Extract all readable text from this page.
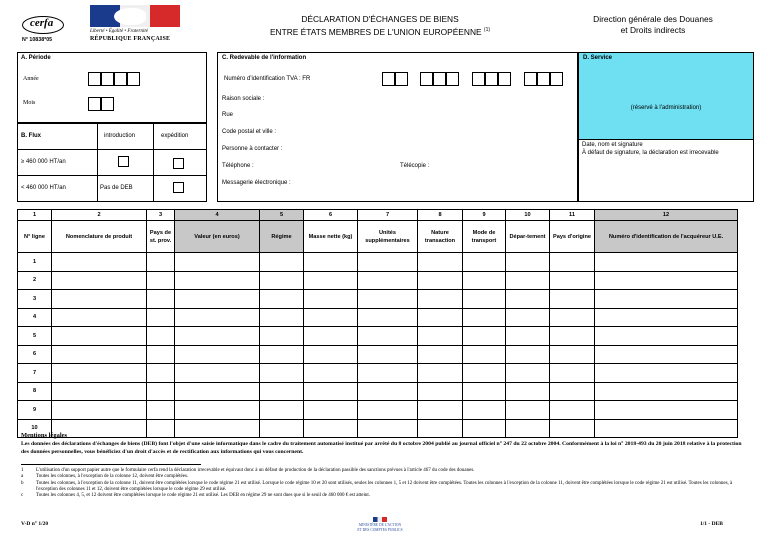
cerfa
N° 10838*05
Liberté • Égalité • Fraternité
RÉPUBLIQUE FRANÇAISE
DÉCLARATION D'ÉCHANGES DE BIENS
ENTRE ÉTATS MEMBRES DE L'UNION EUROPÉENNE $^{(1)}$
Direction générale des Douanes
et Droits indirects
A. Période
Année
Mois
B. Flux	introduction	expédition
≥ 460 000 HT/an
< 460 000 HT/an	Pas de DEB
C. Redevable de l'information
Numéro d'identification TVA : FR
Raison sociale :
Rue
Code postal et ville :
Personne à contacter :
Téléphone :	Télécopie :
Messagerie électronique :
D. Service
(réservé à l'administration)
Date, nom et signature
À défaut de signature, la déclaration est irrecevable
1	2	3	4	5	6	7	8	9	10	11	12
N° ligne	Nomenclature de produit	Pays de st. prov.	Valeur (en euros)	Régime	Masse nette (kg)	Unités supplémentaires	Nature transaction	Mode de transport	Dépar-tement	Pays d'origine	Numéro d'identification de l'acquéreur U.E.
1											
2											
3											
4											
5											
6											
7											
8											
9											
10											
Mentions légales
Les données des déclarations d'échanges de biens (DEB) font l'objet d'une saisie informatique dans le cadre du traitement automatisé institué par arrêté du 8 octobre 2004 publié au journal officiel n° 247 du 22 octobre 2004. Conformément à la loi n° 2018-493 du 20 juin 2018 relative à la protection des données personnelles, vous bénéficiez d'un droit d'accès et de rectification aux informations qui vous concernent.
1	L'utilisation d'un support papier autre que le formulaire cerfa rend la déclaration irrecevable et équivaut donc à un défaut de production de la déclaration passible des sanctions prévues à l'article 467 du code des douanes.
a	Toutes les colonnes, à l'exception de la colonne 12, doivent être complétées.
b	Toutes les colonnes, à l'exception de la colonne 11, doivent être complétées lorsque le code régime 21 est utilisé. Lorsque le code régime 10 et 20 sont utilisés, seules les colonnes 1, 5 et 12 doivent être complétées. Toutes les colonnes à l'exception de la colonne 11, doivent être complétées lorsque le code régime 21 est utilisé. Toutes les colonnes, à l'exception des colonnes 11 et 12, doivent être complétées lorsque le code régime 29 est utilisé.
c	Toutes les colonnes 4, 5, et 12 doivent être complétées lorsque le code régime 21 est utilisé. Les DEB en régime 29 ne sont dues que si le seuil de 460 000 € est atteint.
V-D n° 1/20	MINISTÈRE DE L'ACTION
ET DES COMPTES PUBLICS
1/1 - DEB
